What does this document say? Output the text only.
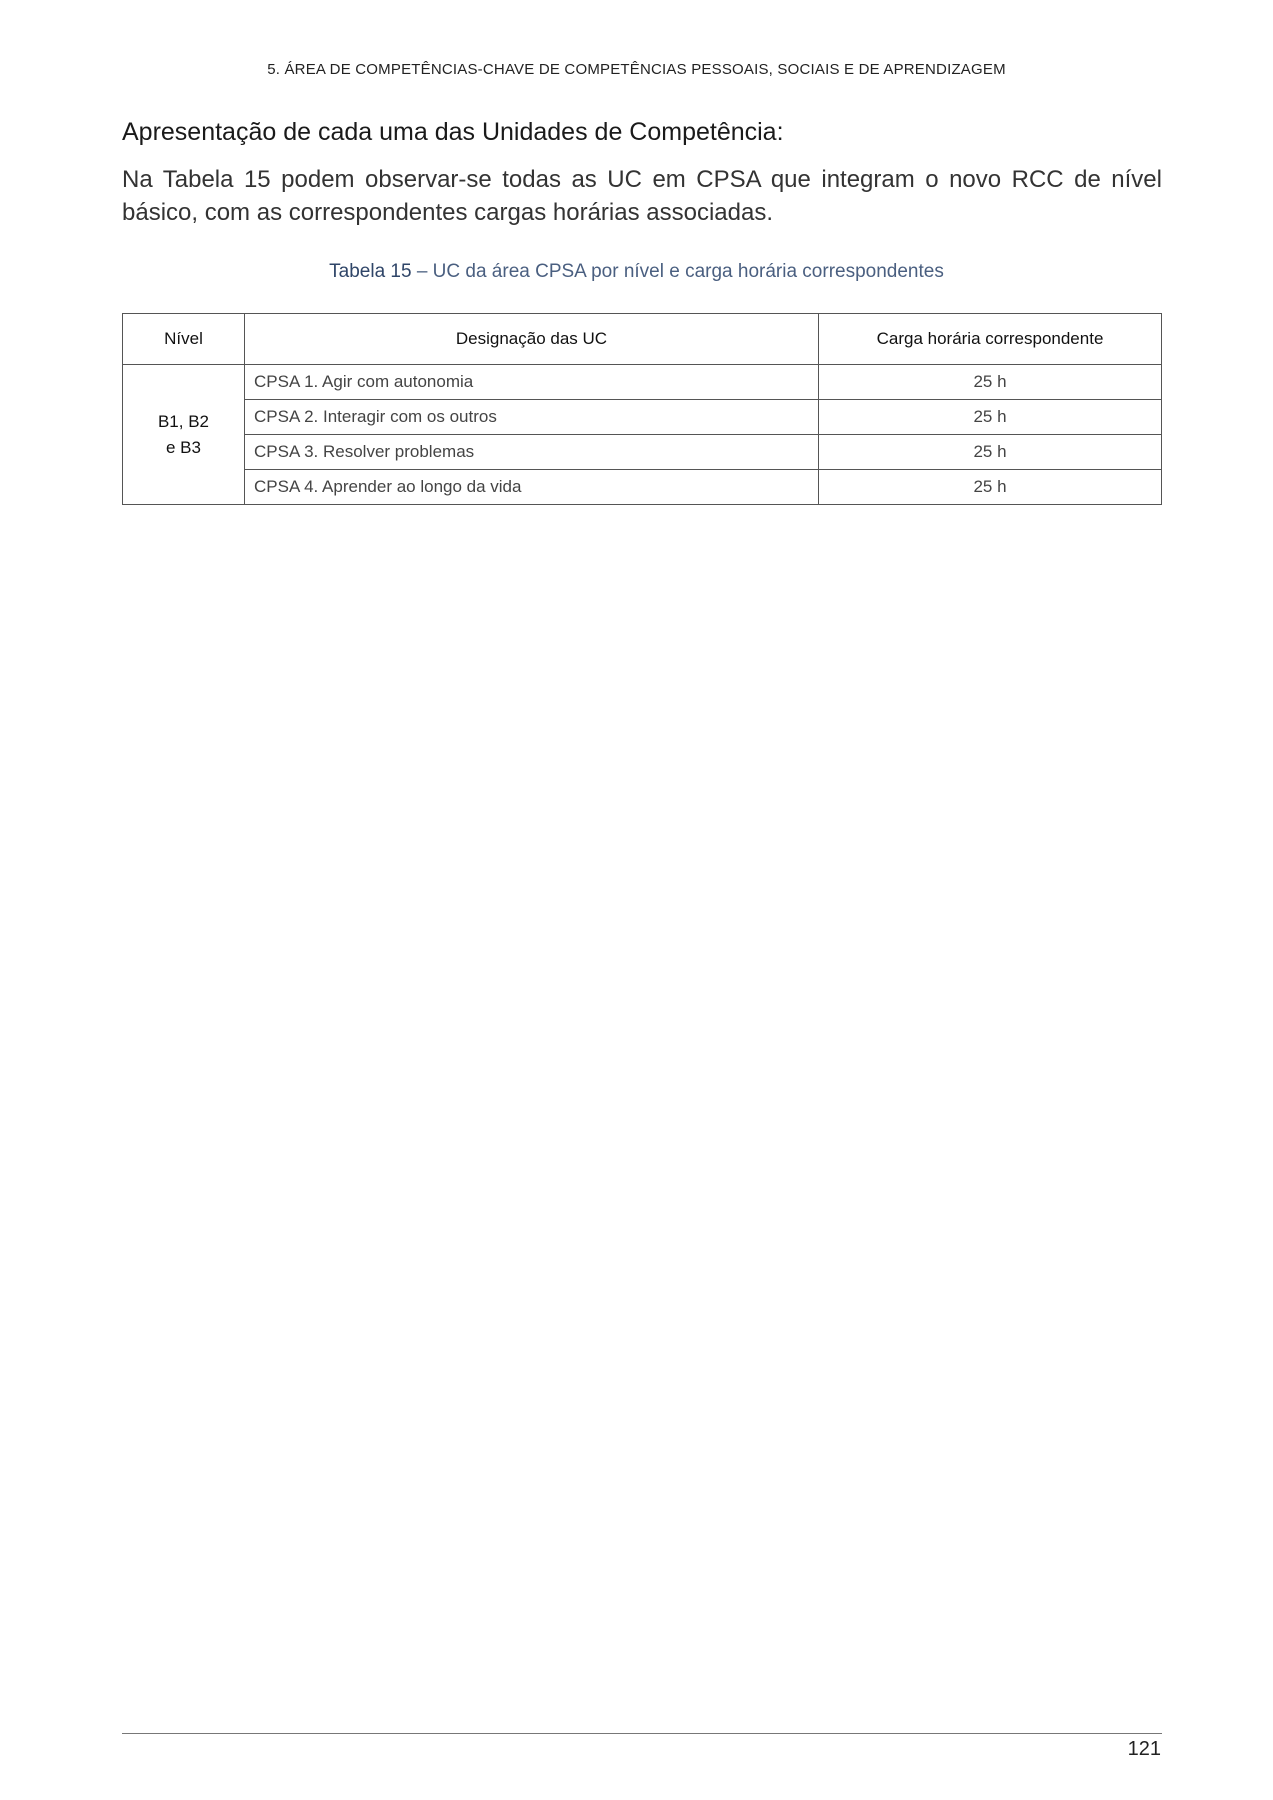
5. ÁREA DE COMPETÊNCIAS-CHAVE DE COMPETÊNCIAS PESSOAIS, SOCIAIS E DE APRENDIZAGEM
Apresentação de cada uma das Unidades de Competência:
Na Tabela 15 podem observar-se todas as UC em CPSA que integram o novo RCC de nível básico, com as correspondentes cargas horárias associadas.
Tabela 15 – UC da área CPSA por nível e carga horária correspondentes
Nível	Designação das UC	Carga horária correspondente
B1, B2
e B3	CPSA 1. Agir com autonomia	25 h
	CPSA 2. Interagir com os outros	25 h
	CPSA 3. Resolver problemas	25 h
	CPSA 4. Aprender ao longo da vida	25 h
121
